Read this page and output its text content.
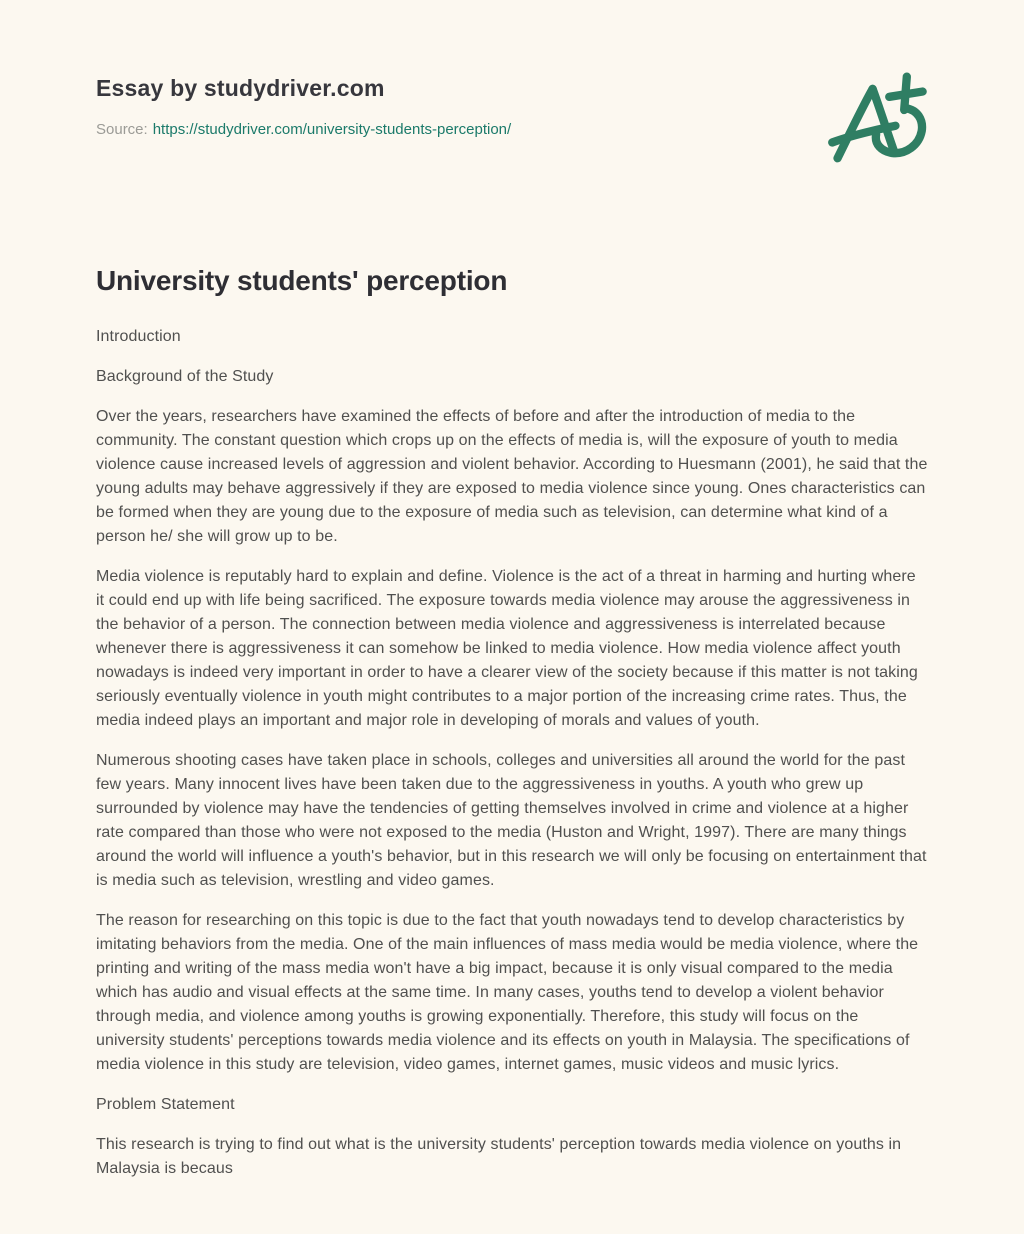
Essay by studydriver.com
Source: https://studydriver.com/university-students-perception/
University students' perception

Introduction

Background of the Study

Over the years, researchers have examined the effects of before and after the introduction of media to the community. The constant question which crops up on the effects of media is, will the exposure of youth to media violence cause increased levels of aggression and violent behavior. According to Huesmann (2001), he said that the young adults may behave aggressively if they are exposed to media violence since young. Ones characteristics can be formed when they are young due to the exposure of media such as television, can determine what kind of a person he/ she will grow up to be.

Media violence is reputably hard to explain and define. Violence is the act of a threat in harming and hurting where it could end up with life being sacrificed. The exposure towards media violence may arouse the aggressiveness in the behavior of a person. The connection between media violence and aggressiveness is interrelated because whenever there is aggressiveness it can somehow be linked to media violence. How media violence affect youth nowadays is indeed very important in order to have a clearer view of the society because if this matter is not taking seriously eventually violence in youth might contributes to a major portion of the increasing crime rates. Thus, the media indeed plays an important and major role in developing of morals and values of youth.

Numerous shooting cases have taken place in schools, colleges and universities all around the world for the past few years. Many innocent lives have been taken due to the aggressiveness in youths. A youth who grew up surrounded by violence may have the tendencies of getting themselves involved in crime and violence at a higher rate compared than those who were not exposed to the media (Huston and Wright, 1997). There are many things around the world will influence a youth's behavior, but in this research we will only be focusing on entertainment that is media such as television, wrestling and video games.

The reason for researching on this topic is due to the fact that youth nowadays tend to develop characteristics by imitating behaviors from the media. One of the main influences of mass media would be media violence, where the printing and writing of the mass media won't have a big impact, because it is only visual compared to the media which has audio and visual effects at the same time. In many cases, youths tend to develop a violent behavior through media, and violence among youths is growing exponentially. Therefore, this study will focus on the university students' perceptions towards media violence and its effects on youth in Malaysia. The specifications of media violence in this study are television, video games, internet games, music videos and music lyrics.

Problem Statement

This research is trying to find out what is the university students' perception towards media violence on youths in Malaysia is becaus
